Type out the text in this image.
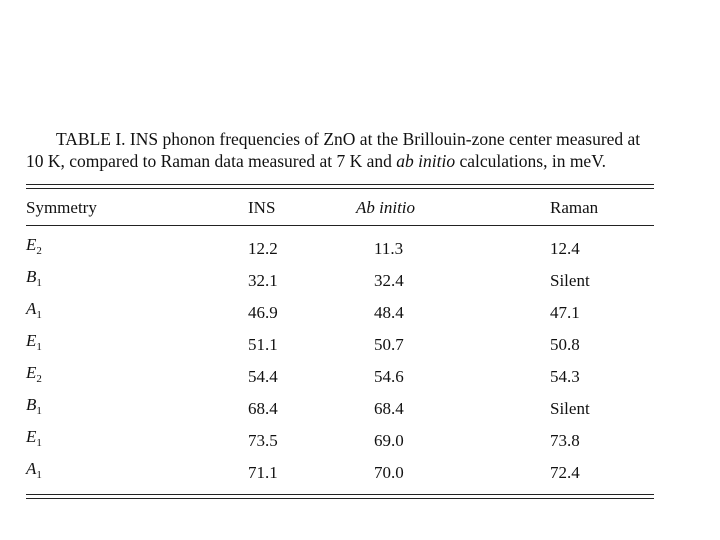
TABLE I. INS phonon frequencies of ZnO at the Brillouin-zone center measured at 10 K, compared to Raman data measured at 7 K and ab initio calculations, in meV.

Symmetry	INS	Ab initio	Raman

$E_2$	12.2	11.3	12.4
$B_1$	32.1	32.4	Silent
$A_1$	46.9	48.4	47.1
$E_1$	51.1	50.7	50.8
$E_2$	54.4	54.6	54.3
$B_1$	68.4	68.4	Silent
$E_1$	73.5	69.0	73.8
$A_1$	71.1	70.0	72.4
